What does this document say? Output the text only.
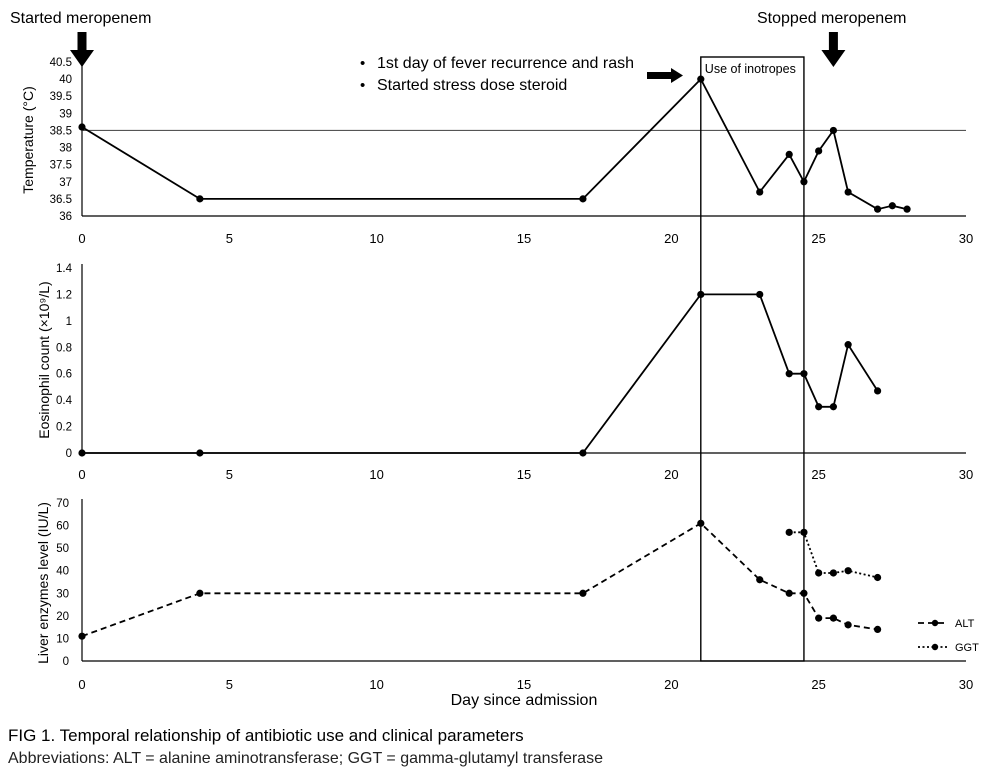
Started meropenem	Stopped meropenem
• 1st day of fever recurrence and rash
• Started stress dose steroid
36
36.5
37
37.5
38
38.5
39
39.5
40
40.5
0	5	10	15	20	25	30
Temperature (°C)
0
0.2
0.4
0.6
0.8
1
1.2
1.4
0	5	10	15	20	25	30
Eosinophil count (×10⁹/L)
0
10
20
30
40
50
60
70
0	5	10	15	20	25	30
Liver enzymes level (IU/L)	ALT
GGT
Use of inotropes
Day since admission
FIG 1. Temporal relationship of antibiotic use and clinical parameters
Abbreviations: ALT = alanine aminotransferase; GGT = gamma-glutamyl transferase
